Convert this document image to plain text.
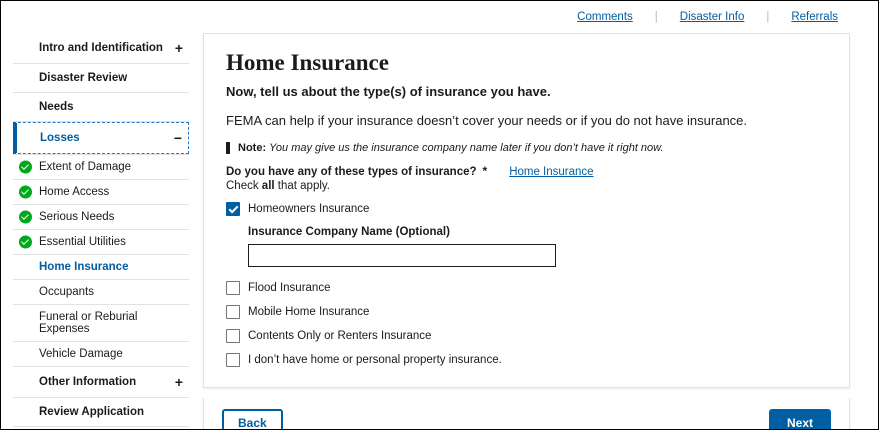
Comments	|	Disaster Info	|	Referrals
Intro and Identification +
Disaster Review
Needs
Losses	−
Extent of Damage
Home Access
Serious Needs
Essential Utilities
Home Insurance
Occupants
Funeral or Reburial Expenses
Vehicle Damage
Other Information	+
Review Application
Home Insurance
Now, tell us about the type(s) of insurance you have.
FEMA can help if your insurance doesn’t cover your needs or if you do not have insurance.
Note: You may give us the insurance company name later if you don’t have it right now.
Do you have any of these types of insurance? * Home Insurance
Check all that apply.
Homeowners Insurance
Insurance Company Name (Optional)
Flood Insurance
Mobile Home Insurance
Contents Only or Renters Insurance
I don’t have home or personal property insurance.
Back	Next
